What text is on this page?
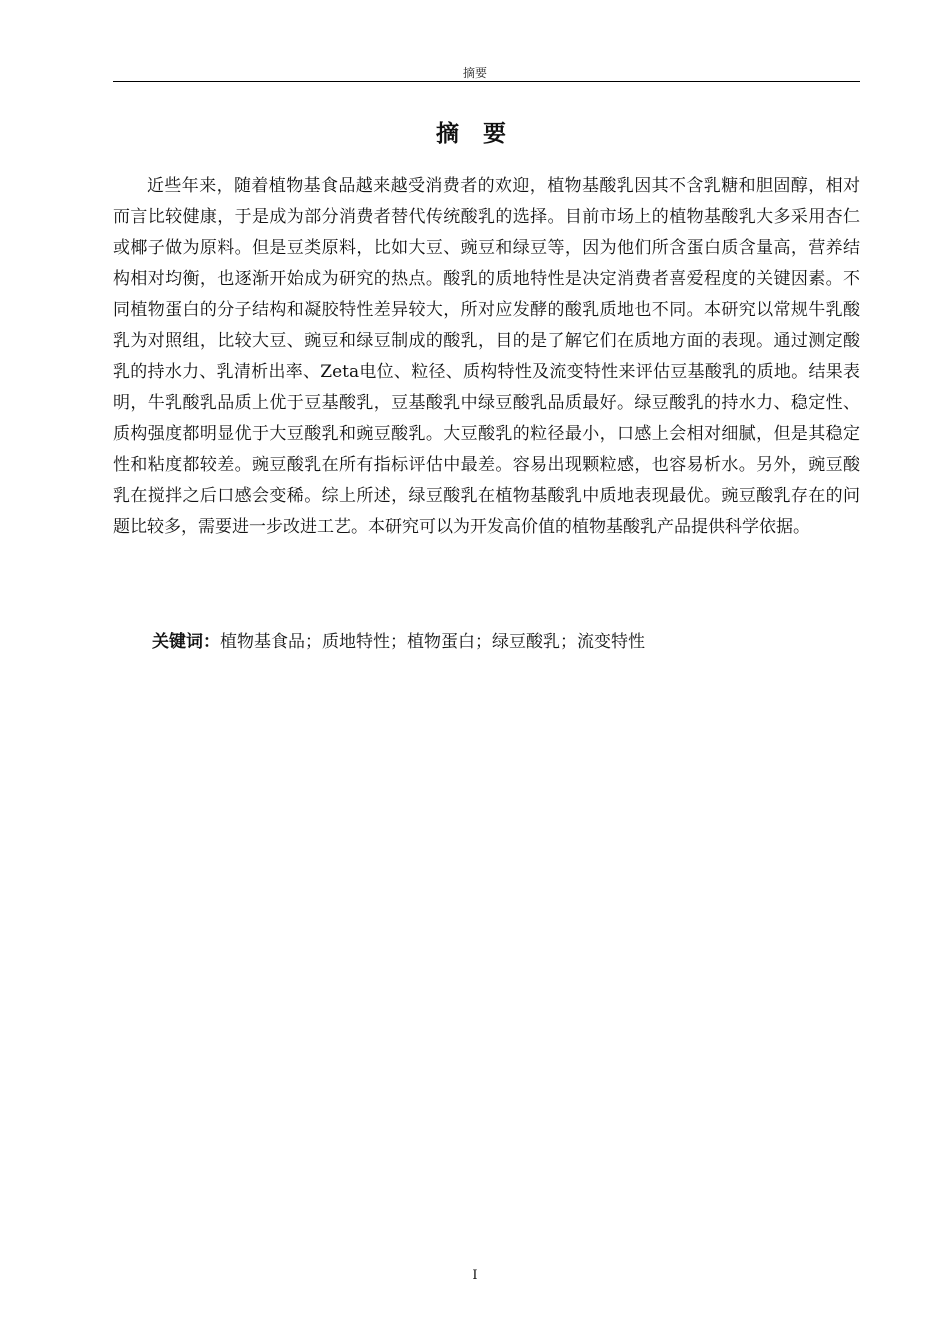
摘要
摘 要

近些年来，随着植物基食品越来越受消费者的欢迎，植物基酸乳因其不含乳糖和胆固醇，相对而言比较健康，于是成为部分消费者替代传统酸乳的选择。目前市场上的植物基酸乳大多采用杏仁或椰子做为原料。但是豆类原料，比如大豆、豌豆和绿豆等，因为他们所含蛋白质含量高，营养结构相对均衡，也逐渐开始成为研究的热点。酸乳的质地特性是决定消费者喜爱程度的关键因素。不同植物蛋白的分子结构和凝胶特性差异较大，所对应发酵的酸乳质地也不同。本研究以常规牛乳酸乳为对照组，比较大豆、豌豆和绿豆制成的酸乳，目的是了解它们在质地方面的表现。通过测定酸乳的持水力、乳清析出率、Zeta电位、粒径、质构特性及流变特性来评估豆基酸乳的质地。结果表明，牛乳酸乳品质上优于豆基酸乳，豆基酸乳中绿豆酸乳品质最好。绿豆酸乳的持水力、稳定性、质构强度都明显优于大豆酸乳和豌豆酸乳。大豆酸乳的粒径最小，口感上会相对细腻，但是其稳定性和粘度都较差。豌豆酸乳在所有指标评估中最差。容易出现颗粒感，也容易析水。另外，豌豆酸乳在搅拌之后口感会变稀。综上所述，绿豆酸乳在植物基酸乳中质地表现最优。豌豆酸乳存在的问题比较多，需要进一步改进工艺。本研究可以为开发高价值的植物基酸乳产品提供科学依据。

关键词：植物基食品；质地特性；植物蛋白；绿豆酸乳；流变特性
I
